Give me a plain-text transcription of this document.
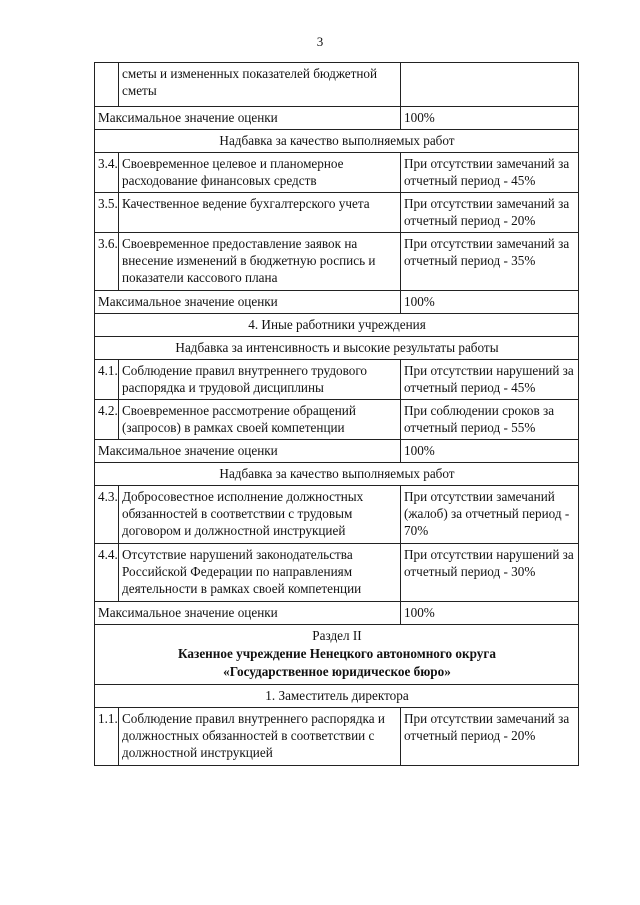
3
	сметы и измененных показателей бюджетной сметы	
Максимальное значение оценки		100%
Надбавка за качество выполняемых работ		
3.4.	Своевременное целевое и планомерное расходование финансовых средств	При отсутствии замечаний за отчетный период - 45%
3.5.	Качественное ведение бухгалтерского учета	При отсутствии замечаний за отчетный период - 20%
3.6.	Своевременное предоставление заявок на внесение изменений в бюджетную роспись и показатели кассового плана	При отсутствии замечаний за отчетный период - 35%
Максимальное значение оценки		100%
4. Иные работники учреждения		
Надбавка за интенсивность и высокие результаты работы		
4.1.	Соблюдение правил внутреннего трудового распорядка и трудовой дисциплины	При отсутствии нарушений за отчетный период - 45%
4.2.	Своевременное рассмотрение обращений (запросов) в рамках своей компетенции	При соблюдении сроков за отчетный период - 55%
Максимальное значение оценки		100%
Надбавка за качество выполняемых работ		
4.3.	Добросовестное исполнение должностных обязанностей в соответствии с трудовым договором и должностной инструкцией	При отсутствии замечаний (жалоб) за отчетный период - 70%
4.4.	Отсутствие нарушений законодательства Российской Федерации по направлениям деятельности в рамках своей компетенции	При отсутствии нарушений за отчетный период - 30%
Максимальное значение оценки		100%

Раздел II
Казенное учреждение Ненецкого автономного округа
«Государственное юридическое бюро»		

1. Заместитель директора		
1.1.	Соблюдение правил внутреннего распорядка и должностных обязанностей в соответствии с должностной инструкцией	При отсутствии замечаний за отчетный период - 20%
